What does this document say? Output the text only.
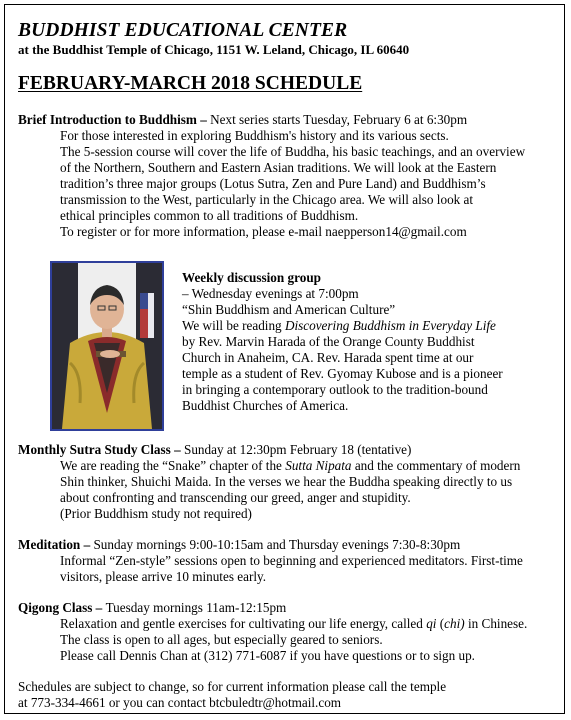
BUDDHIST EDUCATIONAL CENTER
at the Buddhist Temple of Chicago, 1151 W. Leland, Chicago, IL 60640
FEBRUARY-MARCH 2018 SCHEDULE
Brief Introduction to Buddhism – Next series starts Tuesday, February 6 at 6:30pm
For those interested in exploring Buddhism's history and its various sects.
The 5-session course will cover the life of Buddha, his basic teachings, and an overview
of the Northern, Southern and Eastern Asian traditions. We will look at the Eastern
tradition’s three major groups (Lotus Sutra, Zen and Pure Land) and Buddhism’s
transmission to the West, particularly in the Chicago area. We will also look at
ethical principles common to all traditions of Buddhism.
To register or for more information, please e-mail naepperson14@gmail.com
Weekly discussion group
– Wednesday evenings at 7:00pm
“Shin Buddhism and American Culture”
We will be reading Discovering Buddhism in Everyday Life
by Rev. Marvin Harada of the Orange County Buddhist
Church in Anaheim, CA. Rev. Harada spent time at our
temple as a student of Rev. Gyomay Kubose and is a pioneer
in bringing a contemporary outlook to the tradition-bound
Buddhist Churches of America.
Monthly Sutra Study Class – Sunday at 12:30pm February 18 (tentative)
We are reading the “Snake” chapter of the Sutta Nipata and the commentary of modern
Shin thinker, Shuichi Maida. In the verses we hear the Buddha speaking directly to us
about confronting and transcending our greed, anger and stupidity.
(Prior Buddhism study not required)
Meditation – Sunday mornings 9:00-10:15am and Thursday evenings 7:30-8:30pm
Informal “Zen-style” sessions open to beginning and experienced meditators. First-time
visitors, please arrive 10 minutes early.
Qigong Class – Tuesday mornings 11am-12:15pm
Relaxation and gentle exercises for cultivating our life energy, called qi (chi) in Chinese.
The class is open to all ages, but especially geared to seniors.
Please call Dennis Chan at (312) 771-6087 if you have questions or to sign up.
Schedules are subject to change, so for current information please call the temple
at 773-334-4661 or you can contact btcbuledtr@hotmail.com
